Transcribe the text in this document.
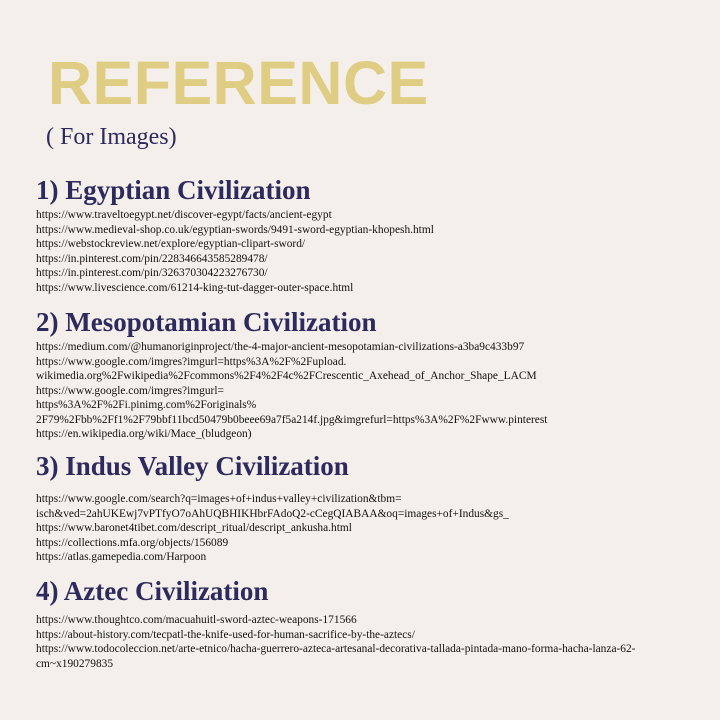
REFERENCE
( For Images)
1) Egyptian Civilization
https://www.traveltoegypt.net/discover-egypt/facts/ancient-egypt
https://www.medieval-shop.co.uk/egyptian-swords/9491-sword-egyptian-khopesh.html
https://webstockreview.net/explore/egyptian-clipart-sword/
https://in.pinterest.com/pin/228346643585289478/
https://in.pinterest.com/pin/326370304223276730/
https://www.livescience.com/61214-king-tut-dagger-outer-space.html
2) Mesopotamian Civilization
https://medium.com/@humanoriginproject/the-4-major-ancient-mesopotamian-civilizations-a3ba9c433b97
https://www.google.com/imgres?imgurl=https%3A%2F%2Fupload.
wikimedia.org%2Fwikipedia%2Fcommons%2F4%2F4c%2FCrescentic_Axehead_of_Anchor_Shape_LACM
https://www.google.com/imgres?imgurl=
https%3A%2F%2Fi.pinimg.com%2Foriginals%
2F79%2Fbb%2Ff1%2F79bbf11bcd50479b0beee69a7f5a214f.jpg&imgrefurl=https%3A%2F%2Fwww.pinterest
https://en.wikipedia.org/wiki/Mace_(bludgeon)
3) Indus Valley Civilization
https://www.google.com/search?q=images+of+indus+valley+civilization&tbm=
isch&ved=2ahUKEwj7vPTfyO7oAhUQBHIKHbrFAdoQ2-cCegQIABAA&oq=images+of+Indus&gs_
https://www.baronet4tibet.com/descript_ritual/descript_ankusha.html
https://collections.mfa.org/objects/156089
https://atlas.gamepedia.com/Harpoon
4) Aztec Civilization
https://www.thoughtco.com/macuahuitl-sword-aztec-weapons-171566
https://about-history.com/tecpatl-the-knife-used-for-human-sacrifice-by-the-aztecs/
https://www.todocoleccion.net/arte-etnico/hacha-guerrero-azteca-artesanal-decorativa-tallada-pintada-mano-forma-hacha-lanza-62-
cm~x190279835
